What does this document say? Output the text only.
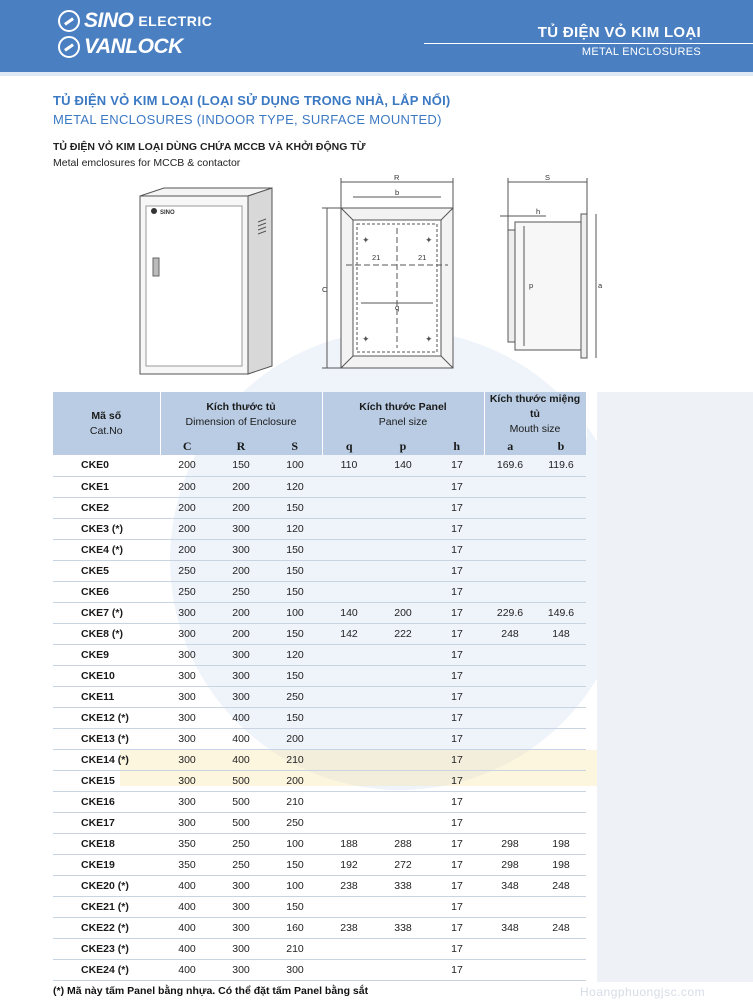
SINO ELECTRIC
VANLOCK
TỦ ĐIỆN VỎ KIM LOẠI
METAL ENCLOSURES
TỦ ĐIỆN VỎ KIM LOẠI (LOẠI SỬ DỤNG TRONG NHÀ, LẮP NỔI)
METAL ENCLOSURES (INDOOR TYPE, SURFACE MOUNTED)
TỦ ĐIỆN VỎ KIM LOẠI DÙNG CHỨA MCCB VÀ KHỞI ĐỘNG TỪ
Metal emclosures for MCCB & contactor
SINO
✦	✦
✦	✦
R
b
C
21	21
q
S
h
p	a
Mã số
Cat.No	Kích thước tủ
Dimension of Enclosure			Kích thước Panel
Panel size			Kích thước miệng tủ
Mouth size		

	C	R	S	q	p	h	a	b	
CKE0	200	150	100	110	140	17	169.6	119.6	
CKE1	200	200	120			17			
CKE2	200	200	150			17			
CKE3 (*)	200	300	120			17			
CKE4 (*)	200	300	150			17			
CKE5	250	200	150			17			
CKE6	250	250	150			17			
CKE7 (*)	300	200	100	140	200	17	229.6	149.6	
CKE8 (*)	300	200	150	142	222	17	248	148	
CKE9	300	300	120			17			
CKE10	300	300	150			17			
CKE11	300	300	250			17			
CKE12 (*)	300	400	150			17			
CKE13 (*)	300	400	200			17			
CKE14 (*)	300	400	210			17			
CKE15	300	500	200			17			
CKE16	300	500	210			17			
CKE17	300	500	250			17			
CKE18	350	250	100	188	288	17	298	198	
CKE19	350	250	150	192	272	17	298	198	
CKE20 (*)	400	300	100	238	338	17	348	248	
CKE21 (*)	400	300	150			17			
CKE22 (*)	400	300	160	238	338	17	348	248	
CKE23 (*)	400	300	210			17			
CKE24 (*)	400	300	300			17			
(*) Mã này tấm Panel bằng nhựa. Có thể đặt tấm Panel bằng sắt	Hoangphuongjsc.com
